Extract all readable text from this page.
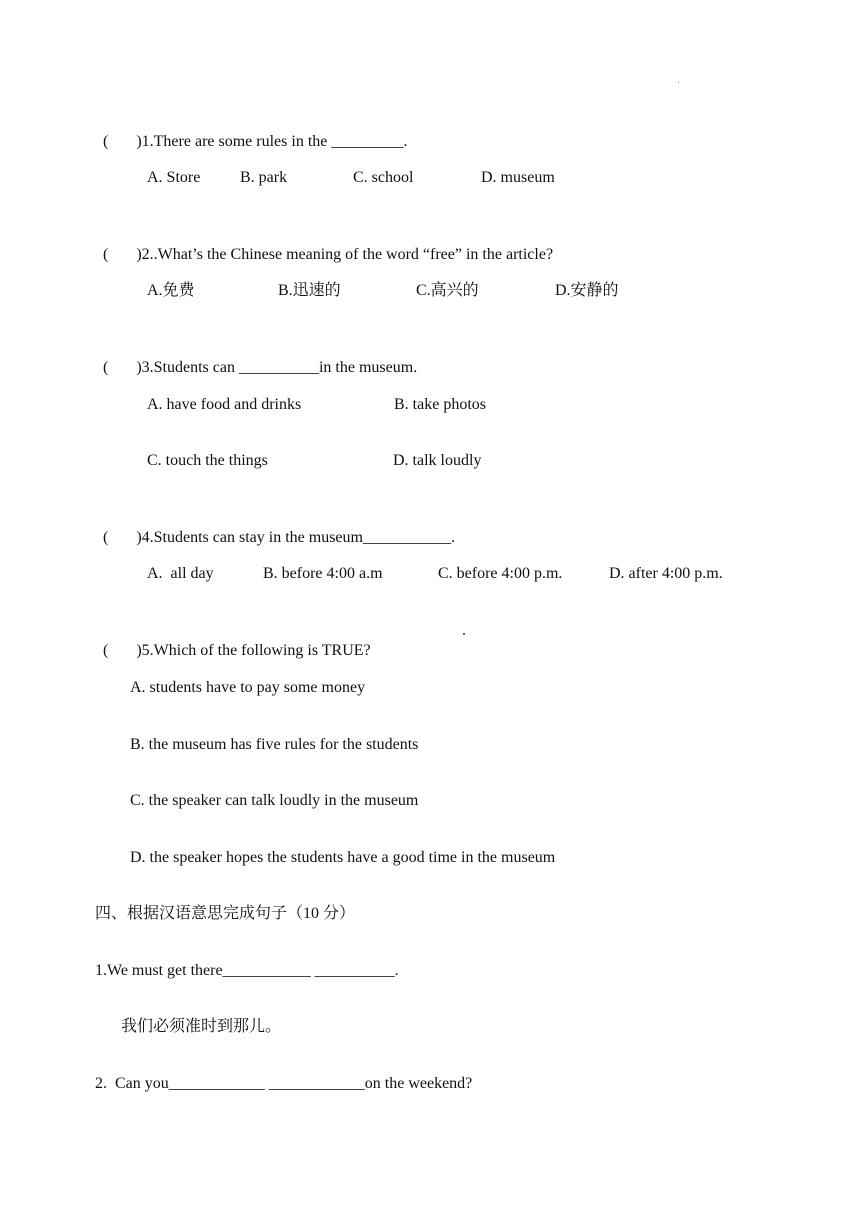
'

(       )1.There are some rules in the _________.

A. Store B. park	C. school	D. museum

(       )2..What’s the Chinese meaning of the word “free” in the article?

A.免费	B.迅速的	C.高兴的	D.安静的

(       )3.Students can __________in the museum.

A. have food and drinks	B. take photos
C. touch the things	D. talk loudly

(       )4.Students can stay in the museum___________.

A.  all day	B. before 4:00 a.m	C. before 4:00 p.m.	D. after 4:00 p.m.

(       )5.Which of the following is TRUE?

.
A. students have to pay some money
B. the museum has five rules for the students
C. the speaker can talk loudly in the museum
D. the speaker hopes the students have a good time in the museum
四、根据汉语意思完成句子（10 分）
1.We must get there___________ __________.
我们必须准时到那儿。
2.  Can you____________ ____________on the weekend?
